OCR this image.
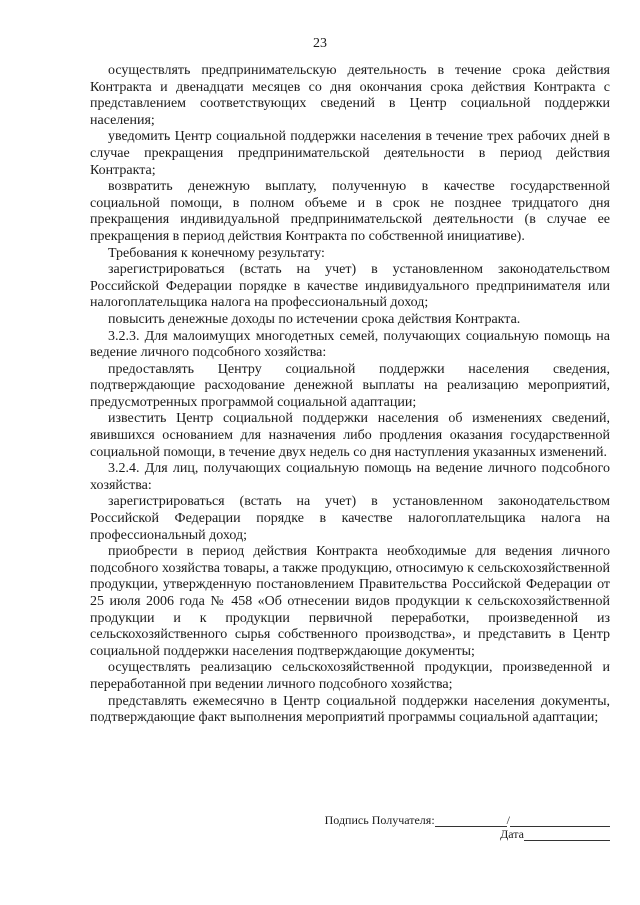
23

осуществлять предпринимательскую деятельность в течение срока действия Контракта и двенадцати месяцев со дня окончания срока действия Контракта с представлением соответствующих сведений в Центр социальной поддержки населения;

уведомить Центр социальной поддержки населения в течение трех рабочих дней в случае прекращения предпринимательской деятельности в период действия Контракта;

возвратить денежную выплату, полученную в качестве государственной социальной помощи, в полном объеме и в срок не позднее тридцатого дня прекращения индивидуальной предпринимательской деятельности (в случае ее прекращения в период действия Контракта по собственной инициативе).

Требования к конечному результату:

зарегистрироваться (встать на учет) в установленном законодательством Российской Федерации порядке в качестве индивидуального предпринимателя или налогоплательщика налога на профессиональный доход;

повысить денежные доходы по истечении срока действия Контракта.

3.2.3. Для малоимущих многодетных семей, получающих социальную помощь на ведение личного подсобного хозяйства:

предоставлять Центру социальной поддержки населения сведения, подтверждающие расходование денежной выплаты на реализацию мероприятий, предусмотренных программой социальной адаптации;

известить Центр социальной поддержки населения об изменениях сведений, явившихся основанием для назначения либо продления оказания государственной социальной помощи, в течение двух недель со дня наступления указанных изменений.

3.2.4. Для лиц, получающих социальную помощь на ведение личного подсобного хозяйства:

зарегистрироваться (встать на учет) в установленном законодательством Российской Федерации порядке в качестве налогоплательщика налога на профессиональный доход;

приобрести в период действия Контракта необходимые для ведения личного подсобного хозяйства товары, а также продукцию, относимую к сельскохозяйственной продукции, утвержденную постановлением Правительства Российской Федерации от 25 июля 2006 года № 458 «Об отнесении видов продукции к сельскохозяйственной продукции и к продукции первичной переработки, произведенной из сельскохозяйственного сырья собственного производства», и представить в Центр социальной поддержки населения подтверждающие документы;

осуществлять реализацию сельскохозяйственной продукции, произведенной и переработанной при ведении личного подсобного хозяйства;

представлять ежемесячно в Центр социальной поддержки населения документы, подтверждающие факт выполнения мероприятий программы социальной адаптации;

Подпись Получателя:	/
Дата
